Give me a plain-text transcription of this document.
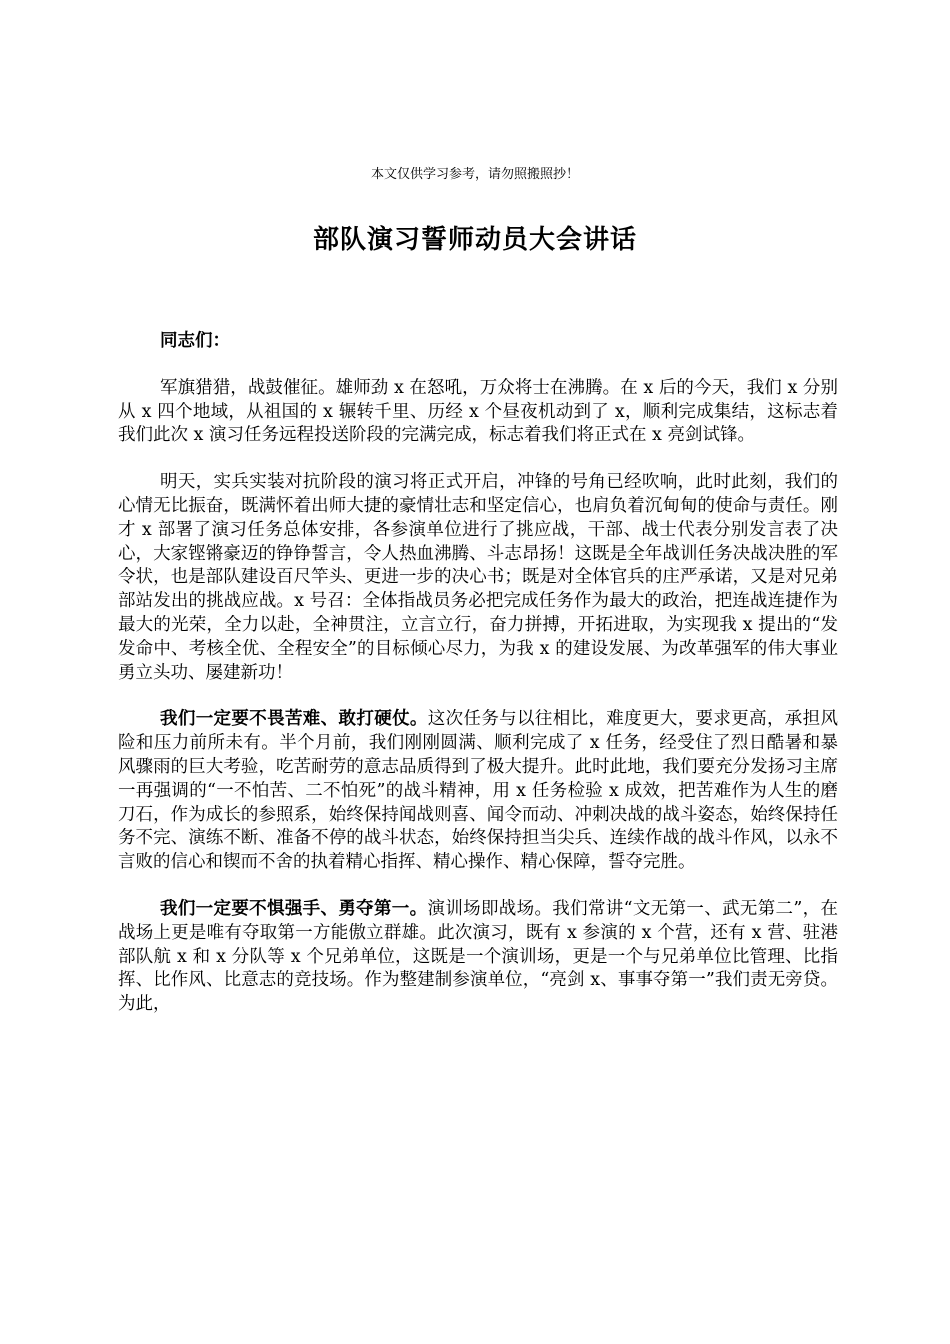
本文仅供学习参考，请勿照搬照抄！
部队演习誓师动员大会讲话

同志们：

军旗猎猎，战鼓催征。雄师劲 x 在怒吼，万众将士在沸腾。在 x 后的今天，我们 x 分别从 x 四个地域，从祖国的 x 辗转千里、历经 x 个昼夜机动到了 x，顺利完成集结，这标志着我们此次 x 演习任务远程投送阶段的完满完成，标志着我们将正式在 x 亮剑试锋。

明天，实兵实装对抗阶段的演习将正式开启，冲锋的号角已经吹响，此时此刻，我们的心情无比振奋，既满怀着出师大捷的豪情壮志和坚定信心，也肩负着沉甸甸的使命与责任。刚才 x 部署了演习任务总体安排，各参演单位进行了挑应战，干部、战士代表分别发言表了决心，大家铿锵豪迈的铮铮誓言，令人热血沸腾、斗志昂扬！这既是全年战训任务决战决胜的军令状，也是部队建设百尺竿头、更进一步的决心书；既是对全体官兵的庄严承诺，又是对兄弟部站发出的挑战应战。x 号召：全体指战员务必把完成任务作为最大的政治，把连战连捷作为最大的光荣，全力以赴，全神贯注，立言立行，奋力拼搏，开拓进取，为实现我 x 提出的“发发命中、考核全优、全程安全”的目标倾心尽力，为我 x 的建设发展、为改革强军的伟大事业勇立头功、屡建新功！

我们一定要不畏苦难、敢打硬仗。这次任务与以往相比，难度更大，要求更高，承担风险和压力前所未有。半个月前，我们刚刚圆满、顺利完成了 x 任务，经受住了烈日酷暑和暴风骤雨的巨大考验，吃苦耐劳的意志品质得到了极大提升。此时此地，我们要充分发扬习主席一再强调的“一不怕苦、二不怕死”的战斗精神，用 x 任务检验 x 成效，把苦难作为人生的磨刀石，作为成长的参照系，始终保持闻战则喜、闻令而动、冲刺决战的战斗姿态，始终保持任务不完、演练不断、准备不停的战斗状态，始终保持担当尖兵、连续作战的战斗作风，以永不言败的信心和锲而不舍的执着精心指挥、精心操作、精心保障，誓夺完胜。

我们一定要不惧强手、勇夺第一。演训场即战场。我们常讲“文无第一、武无第二”，在战场上更是唯有夺取第一方能傲立群雄。此次演习，既有 x 参演的 x 个营，还有 x 营、驻港部队航 x 和 x 分队等 x 个兄弟单位，这既是一个演训场，更是一个与兄弟单位比管理、比指挥、比作风、比意志的竞技场。作为整建制参演单位，“亮剑 x、事事夺第一”我们责无旁贷。为此，
